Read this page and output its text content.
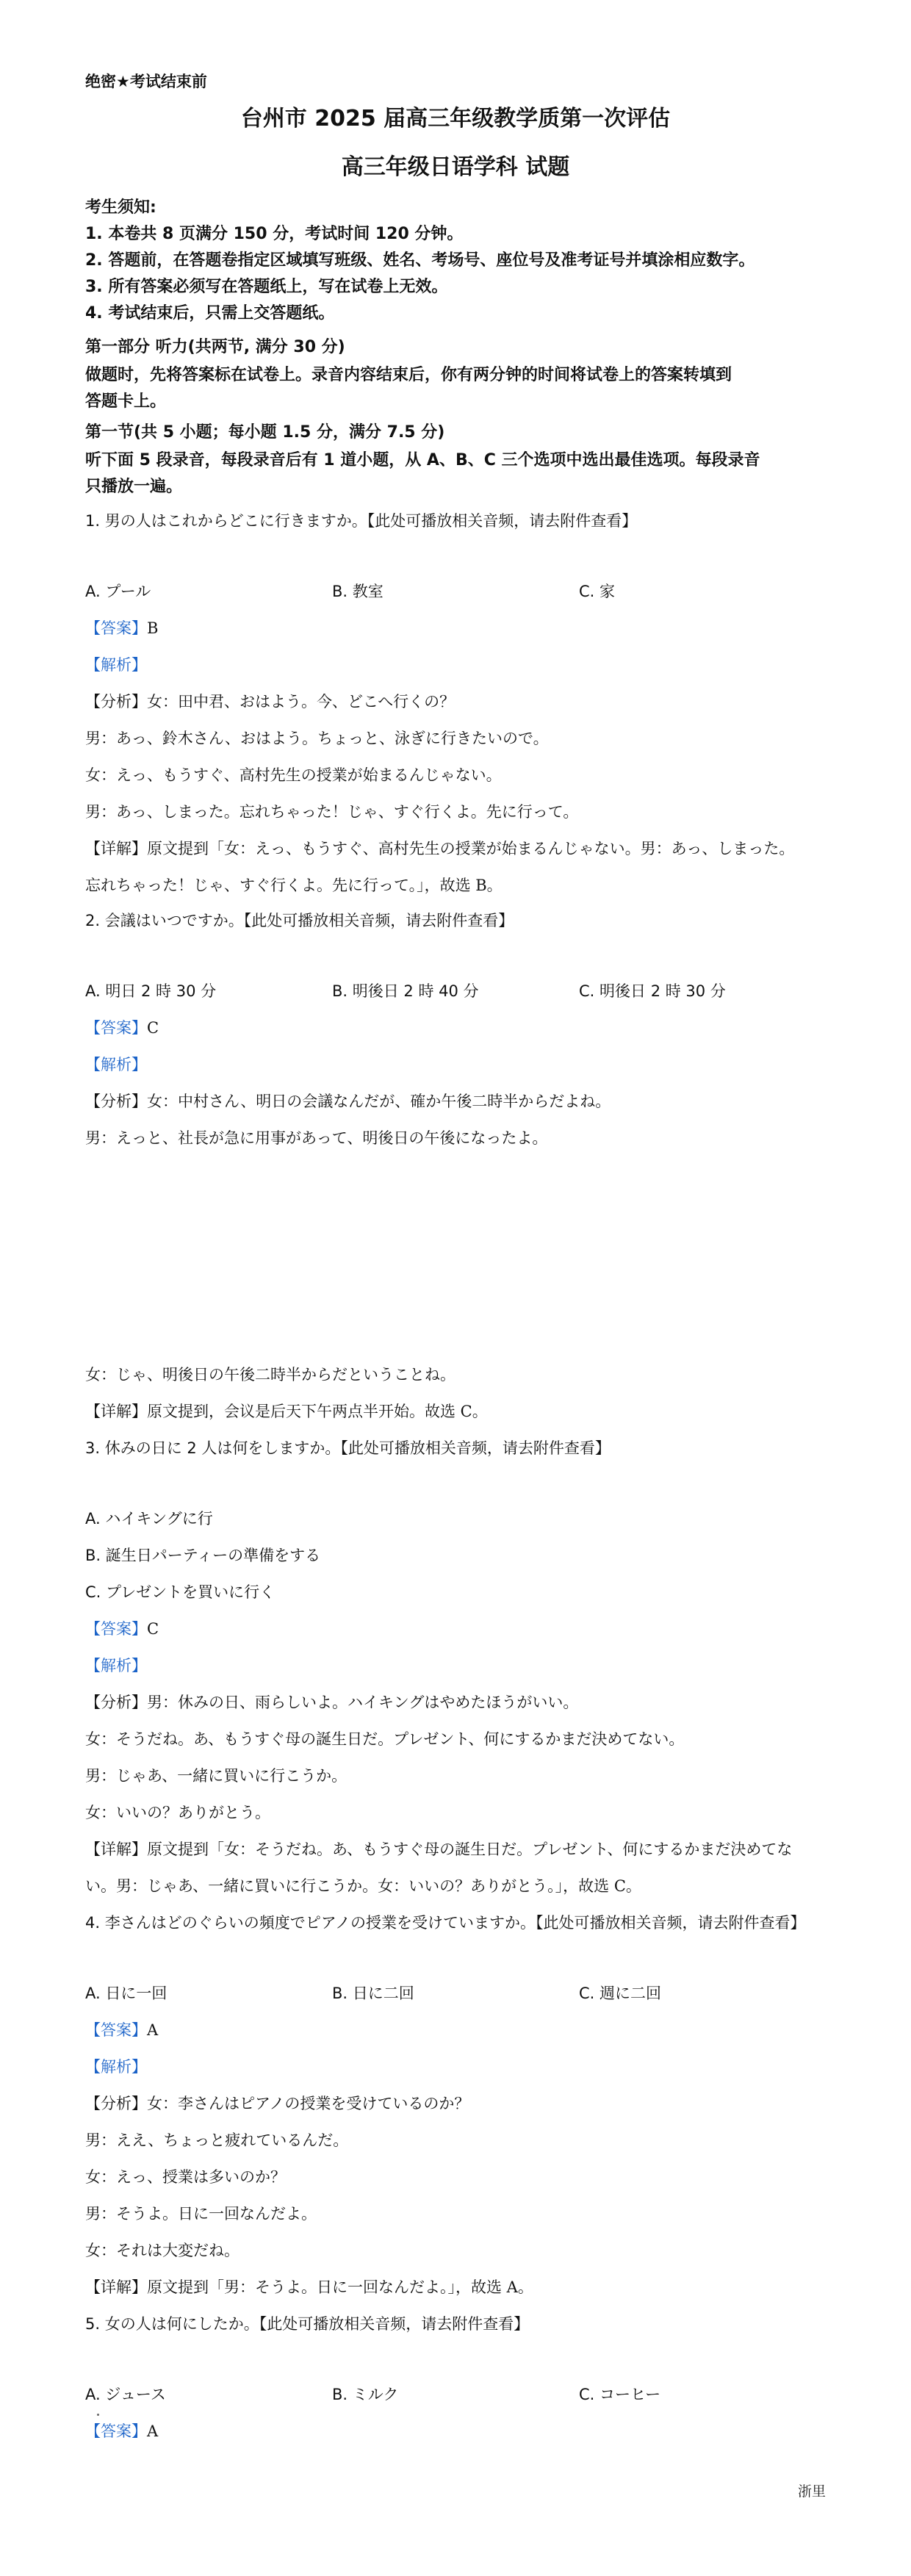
绝密★考试结束前
台州市 2025 届高三年级教学质第一次评估
高三年级日语学科 试题
考生须知:
1. 本卷共 8 页满分 150 分，考试时间 120 分钟。
2. 答题前，在答题卷指定区域填写班级、姓名、考场号、座位号及准考证号并填涂相应数字。
3. 所有答案必须写在答题纸上，写在试卷上无效。
4. 考试结束后，只需上交答题纸。
第一部分 听力(共两节, 满分 30 分)
做题时，先将答案标在试卷上。录音内容结束后，你有两分钟的时间将试卷上的答案转填到
答题卡上。
第一节(共 5 小题；每小题 1.5 分，满分 7.5 分)
听下面 5 段录音，每段录音后有 1 道小题，从 A、B、C 三个选项中选出最佳选项。每段录音
只播放一遍。
1. 男の人はこれからどこに行きますか。【此处可播放相关音频，请去附件查看】
A. プール	B. 教室	C. 家
【答案】B
【解析】
【分析】女：田中君、おはよう。今、どこへ行くの？
男：あっ、鈴木さん、おはよう。ちょっと、泳ぎに行きたいので。
女：えっ、もうすぐ、高村先生の授業が始まるんじゃない。
男：あっ、しまった。忘れちゃった！じゃ、すぐ行くよ。先に行って。
【详解】原文提到「女：えっ、もうすぐ、高村先生の授業が始まるんじゃない。男：あっ、しまった。
忘れちゃった！じゃ、すぐ行くよ。先に行って。」，故选 B。
2. 会議はいつですか。【此处可播放相关音频，请去附件查看】
A. 明日 2 時 30 分	B. 明後日 2 時 40 分	C. 明後日 2 時 30 分
【答案】C
【解析】
【分析】女：中村さん、明日の会議なんだが、確か午後二時半からだよね。
男：えっと、社長が急に用事があって、明後日の午後になったよ。
女：じゃ、明後日の午後二時半からだということね。
【详解】原文提到，会议是后天下午两点半开始。故选 C。
3. 休みの日に 2 人は何をしますか。【此处可播放相关音频，请去附件查看】
A. ハイキングに行
B. 誕生日パーティーの準備をする
C. プレゼントを買いに行く
【答案】C
【解析】
【分析】男：休みの日、雨らしいよ。ハイキングはやめたほうがいい。
女：そうだね。あ、もうすぐ母の誕生日だ。プレゼント、何にするかまだ決めてない。
男：じゃあ、一緒に買いに行こうか。
女：いいの？ありがとう。
【详解】原文提到「女：そうだね。あ、もうすぐ母の誕生日だ。プレゼント、何にするかまだ決めてな
い。男：じゃあ、一緒に買いに行こうか。女：いいの？ありがとう。」，故选 C。
4. 李さんはどのぐらいの頻度でピアノの授業を受けていますか。【此处可播放相关音频，请去附件查看】
A. 日に一回	B. 日に二回	C. 週に二回
【答案】A
【解析】
【分析】女：李さんはピアノの授業を受けているのか？
男：ええ、ちょっと疲れているんだ。
女：えっ、授業は多いのか？
男：そうよ。日に一回なんだよ。
女：それは大変だね。
【详解】原文提到「男：そうよ。日に一回なんだよ。」，故选 A。
5. 女の人は何にしたか。【此处可播放相关音频，请去附件查看】
A. ジュース	B. ミルク	C. コーヒー
【答案】A
浙里
